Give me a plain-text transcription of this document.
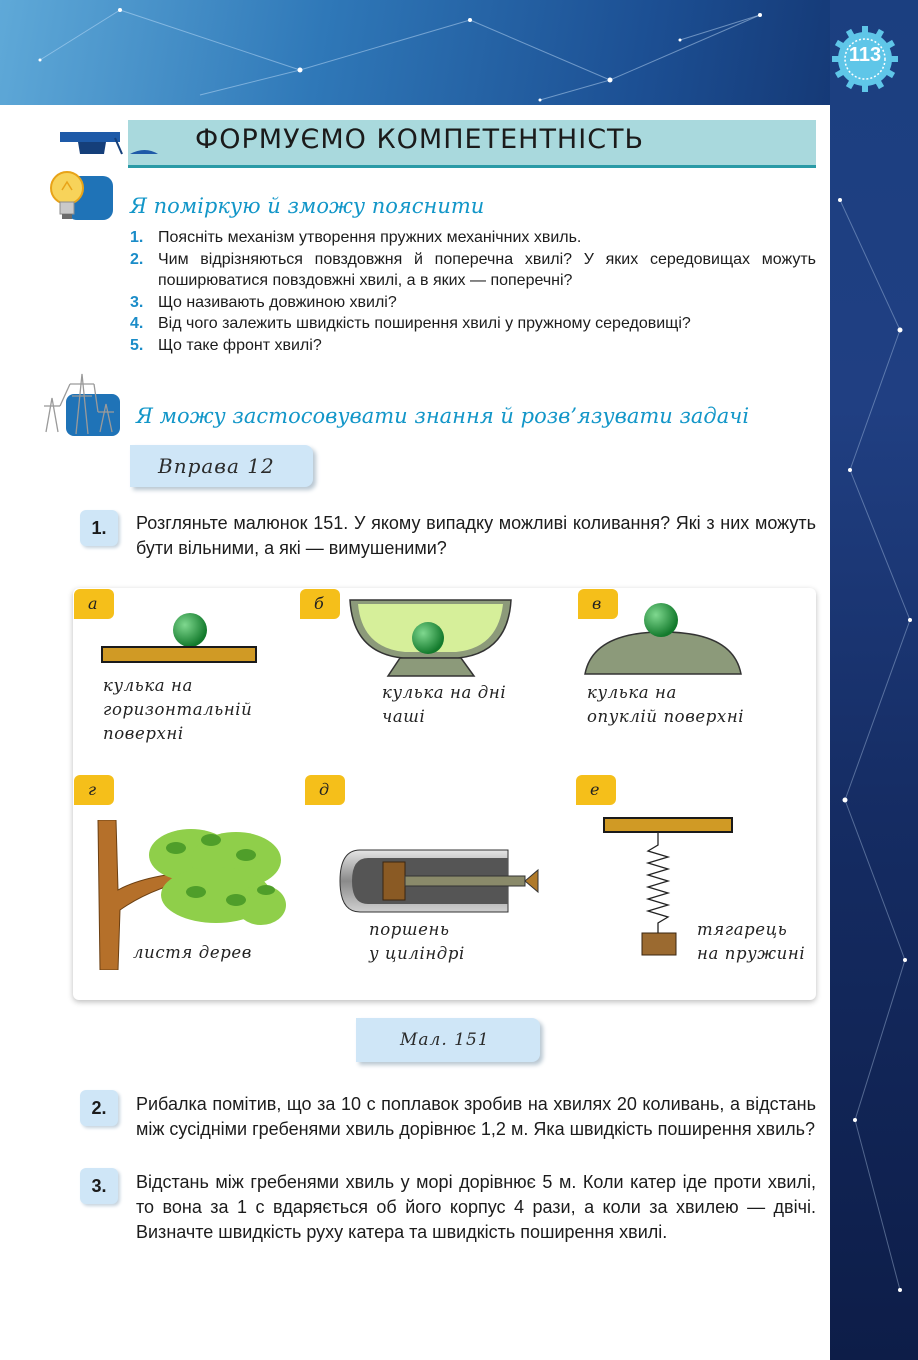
113
ФОРМУЄМО КОМПЕТЕНТНІСТЬ
Я поміркую й зможу пояснити
1. Поясніть механізм утворення пружних механічних хвиль.
2. Чим відрізняються повздовжня й поперечна хвилі? У яких середовищах можуть поширюватися повздовжні хвилі, а в яких — поперечні?
3. Що називають довжиною хвилі?
4. Від чого залежить швидкість поширення хвилі у пружному середовищі?
5. Що таке фронт хвилі?
Я можу застосовувати знання й розв’язувати задачі
Вправа 12
1.	Розгляньте малюнок 151. У якому випадку можливі коливання? Які з них можуть бути вільними, а які — вимушеними?
а
кулька на
горизонтальній
поверхні
б
кулька на дні
чаші
в
кулька на
опуклій поверхні
г
листя дерев
д
поршень
у циліндрі
е
тягарець
на пружині
Мал. 151
2.	Рибалка помітив, що за 10 с поплавок зробив на хвилях 20 коливань, а відстань між сусідніми гребенями хвиль дорівнює 1,2 м. Яка швидкість поширення хвиль?
3.	Відстань між гребенями хвиль у морі дорівнює 5 м. Коли катер іде проти хвилі, то вона за 1 с вдаряється об його корпус 4 рази, а коли за хвилею — двічі. Визначте швидкість руху катера та швидкість поширення хвилі.
